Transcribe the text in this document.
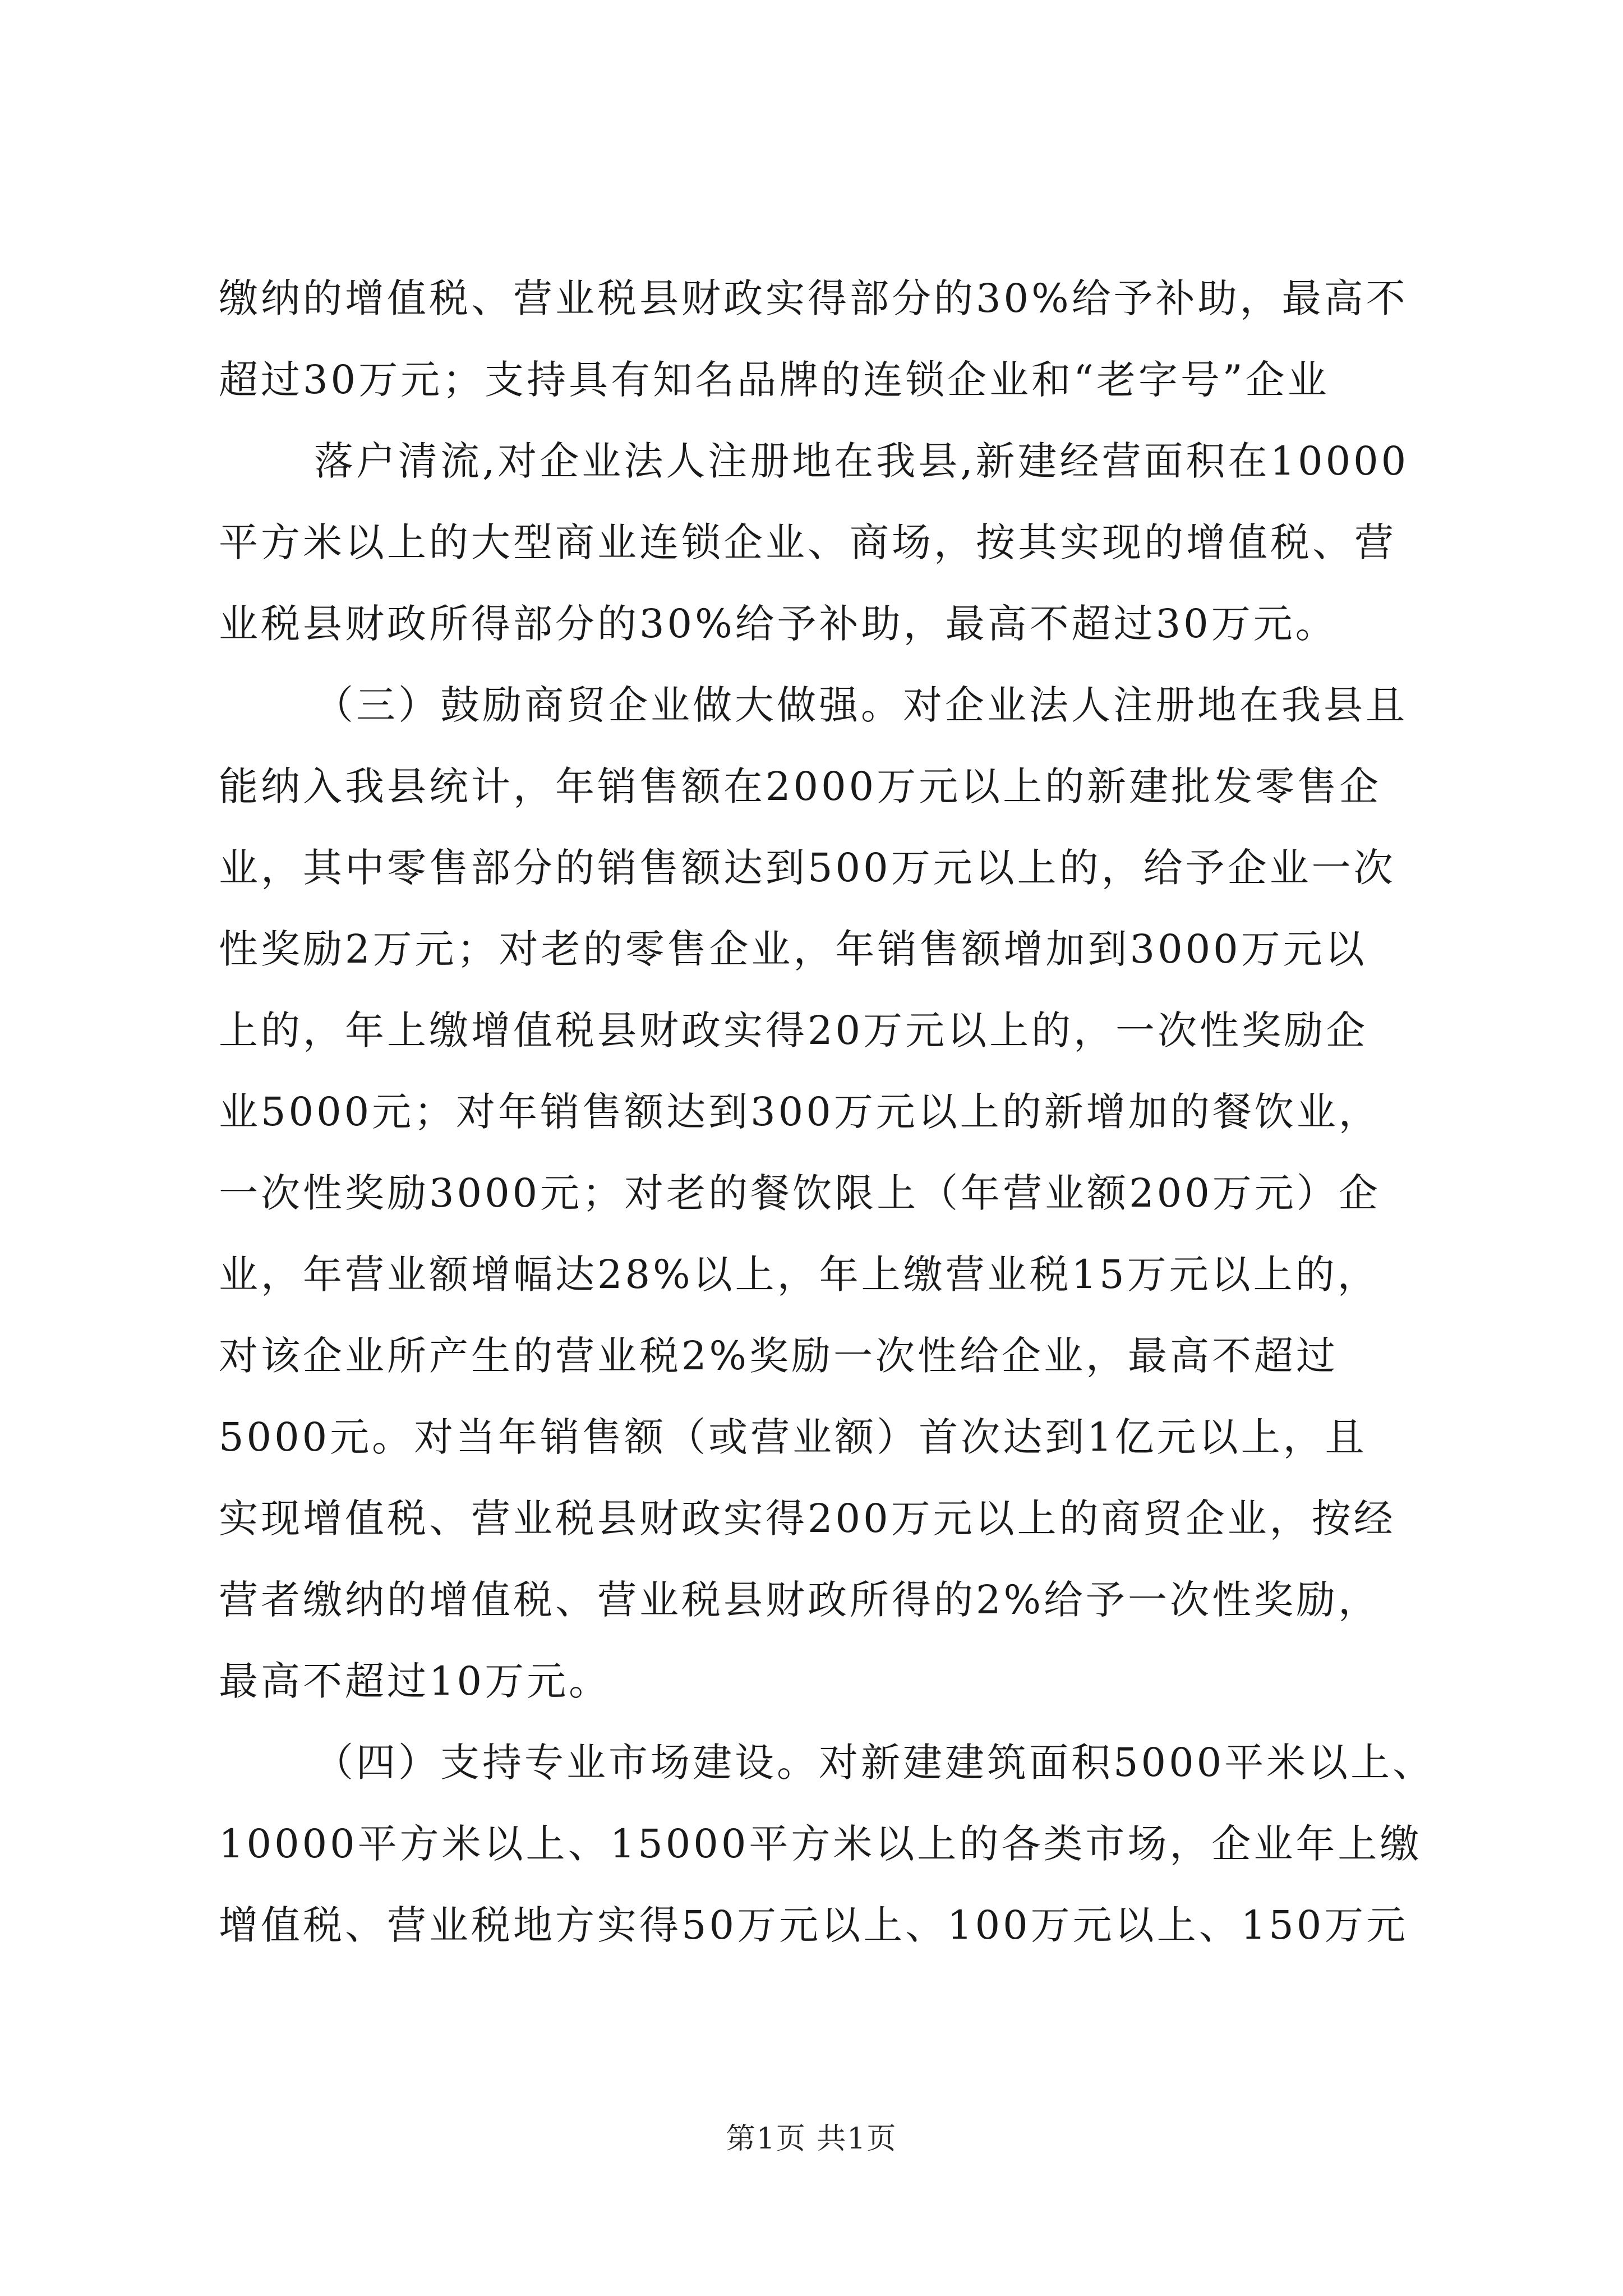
缴纳的增值税、营业税县财政实得部分的30%给予补助，最高不
超过30万元；支持具有知名品牌的连锁企业和“老字号”企业
落户清流,对企业法人注册地在我县,新建经营面积在10000
平方米以上的大型商业连锁企业、商场，按其实现的增值税、营
业税县财政所得部分的30%给予补助，最高不超过30万元。
（三）鼓励商贸企业做大做强。对企业法人注册地在我县且
能纳入我县统计，年销售额在2000万元以上的新建批发零售企
业，其中零售部分的销售额达到500万元以上的，给予企业一次
性奖励2万元；对老的零售企业，年销售额增加到3000万元以
上的，年上缴增值税县财政实得20万元以上的，一次性奖励企
业5000元；对年销售额达到300万元以上的新增加的餐饮业，
一次性奖励3000元；对老的餐饮限上（年营业额200万元）企
业，年营业额增幅达28%以上，年上缴营业税15万元以上的，
对该企业所产生的营业税2%奖励一次性给企业，最高不超过
5000元。对当年销售额（或营业额）首次达到1亿元以上，且
实现增值税、营业税县财政实得200万元以上的商贸企业，按经
营者缴纳的增值税、营业税县财政所得的2%给予一次性奖励，
最高不超过10万元。
（四）支持专业市场建设。对新建建筑面积5000平米以上、
10000平方米以上、15000平方米以上的各类市场，企业年上缴
增值税、营业税地方实得50万元以上、100万元以上、150万元
第1页 共1页
